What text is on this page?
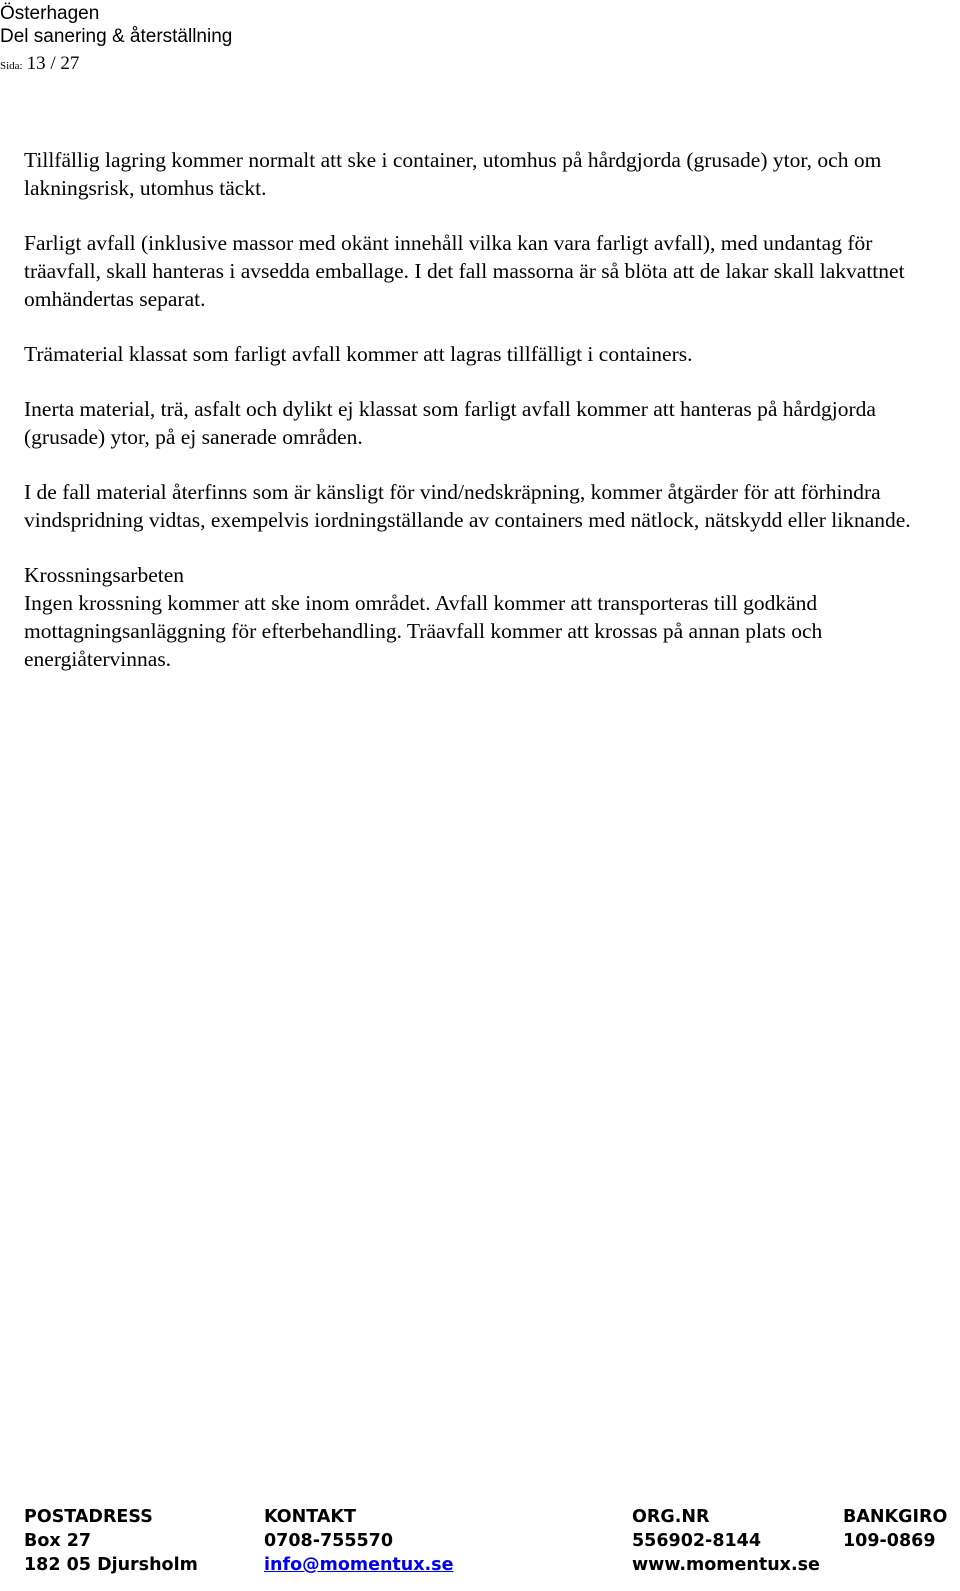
Österhagen
Del sanering & återställning
Sida: 13 / 27

Tillfällig lagring kommer normalt att ske i container, utomhus på hårdgjorda (grusade) ytor, och om lakningsrisk, utomhus täckt.

Farligt avfall (inklusive massor med okänt innehåll vilka kan vara farligt avfall), med undantag för träavfall, skall hanteras i avsedda emballage. I det fall massorna är så blöta att de lakar skall lakvattnet omhändertas separat.

Trämaterial klassat som farligt avfall kommer att lagras tillfälligt i containers.

Inerta material, trä, asfalt och dylikt ej klassat som farligt avfall kommer att hanteras på hårdgjorda (grusade) ytor, på ej sanerade områden.

I de fall material återfinns som är känsligt för vind/nedskräpning, kommer åtgärder för att förhindra vindspridning vidtas, exempelvis iordningställande av containers med nätlock, nätskydd eller liknande.

Krossningsarbeten
Ingen krossning kommer att ske inom området. Avfall kommer att transporteras till godkänd mottagningsanläggning för efterbehandling. Träavfall kommer att krossas på annan plats och energiåtervinnas.

POSTADRESS
Box 27
182 05 Djursholm
KONTAKT
0708-755570
info@momentux.se
ORG.NR
556902-8144
www.momentux.se
BANKGIRO
109-0869
